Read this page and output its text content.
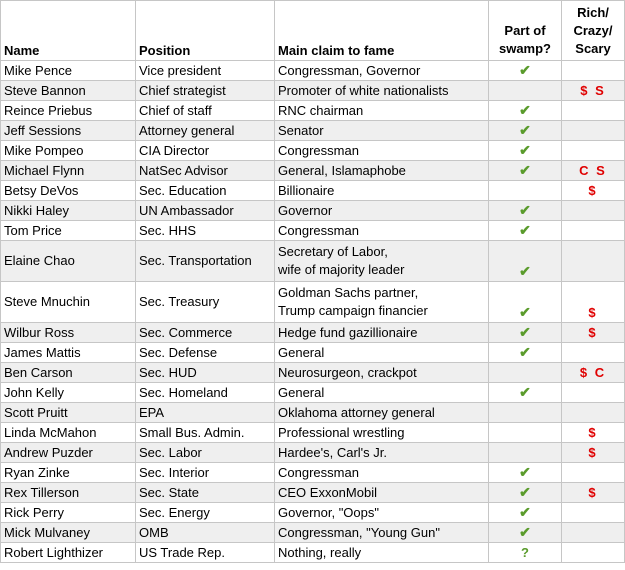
Name	Position	Main claim to fame	Part of
swamp?	Rich/
Crazy/
Scary

Mike Pence	Vice president	Congressman, Governor	✔	
Steve Bannon	Chief strategist	Promoter of white nationalists		$ S
Reince Priebus	Chief of staff	RNC chairman	✔	
Jeff Sessions	Attorney general	Senator	✔	
Mike Pompeo	CIA Director	Congressman	✔	
Michael Flynn	NatSec Advisor	General, Islamaphobe	✔	C S
Betsy DeVos	Sec. Education	Billionaire		$
Nikki Haley	UN Ambassador	Governor	✔	
Tom Price	Sec. HHS	Congressman	✔	
Elaine Chao	Sec. Transportation	Secretary of Labor,
wife of majority leader	✔	
Steve Mnuchin	Sec. Treasury	Goldman Sachs partner,
Trump campaign financier	✔	$
Wilbur Ross	Sec. Commerce	Hedge fund gazillionaire	✔	$
James Mattis	Sec. Defense	General	✔	
Ben Carson	Sec. HUD	Neurosurgeon, crackpot		$ C
John Kelly	Sec. Homeland	General	✔	
Scott Pruitt	EPA	Oklahoma attorney general		
Linda McMahon	Small Bus. Admin.	Professional wrestling		$
Andrew Puzder	Sec. Labor	Hardee's, Carl's Jr.		$
Ryan Zinke	Sec. Interior	Congressman	✔	
Rex Tillerson	Sec. State	CEO ExxonMobil	✔	$
Rick Perry	Sec. Energy	Governor, "Oops"	✔	
Mick Mulvaney	OMB	Congressman, "Young Gun"	✔	
Robert Lighthizer	US Trade Rep.	Nothing, really	?	
